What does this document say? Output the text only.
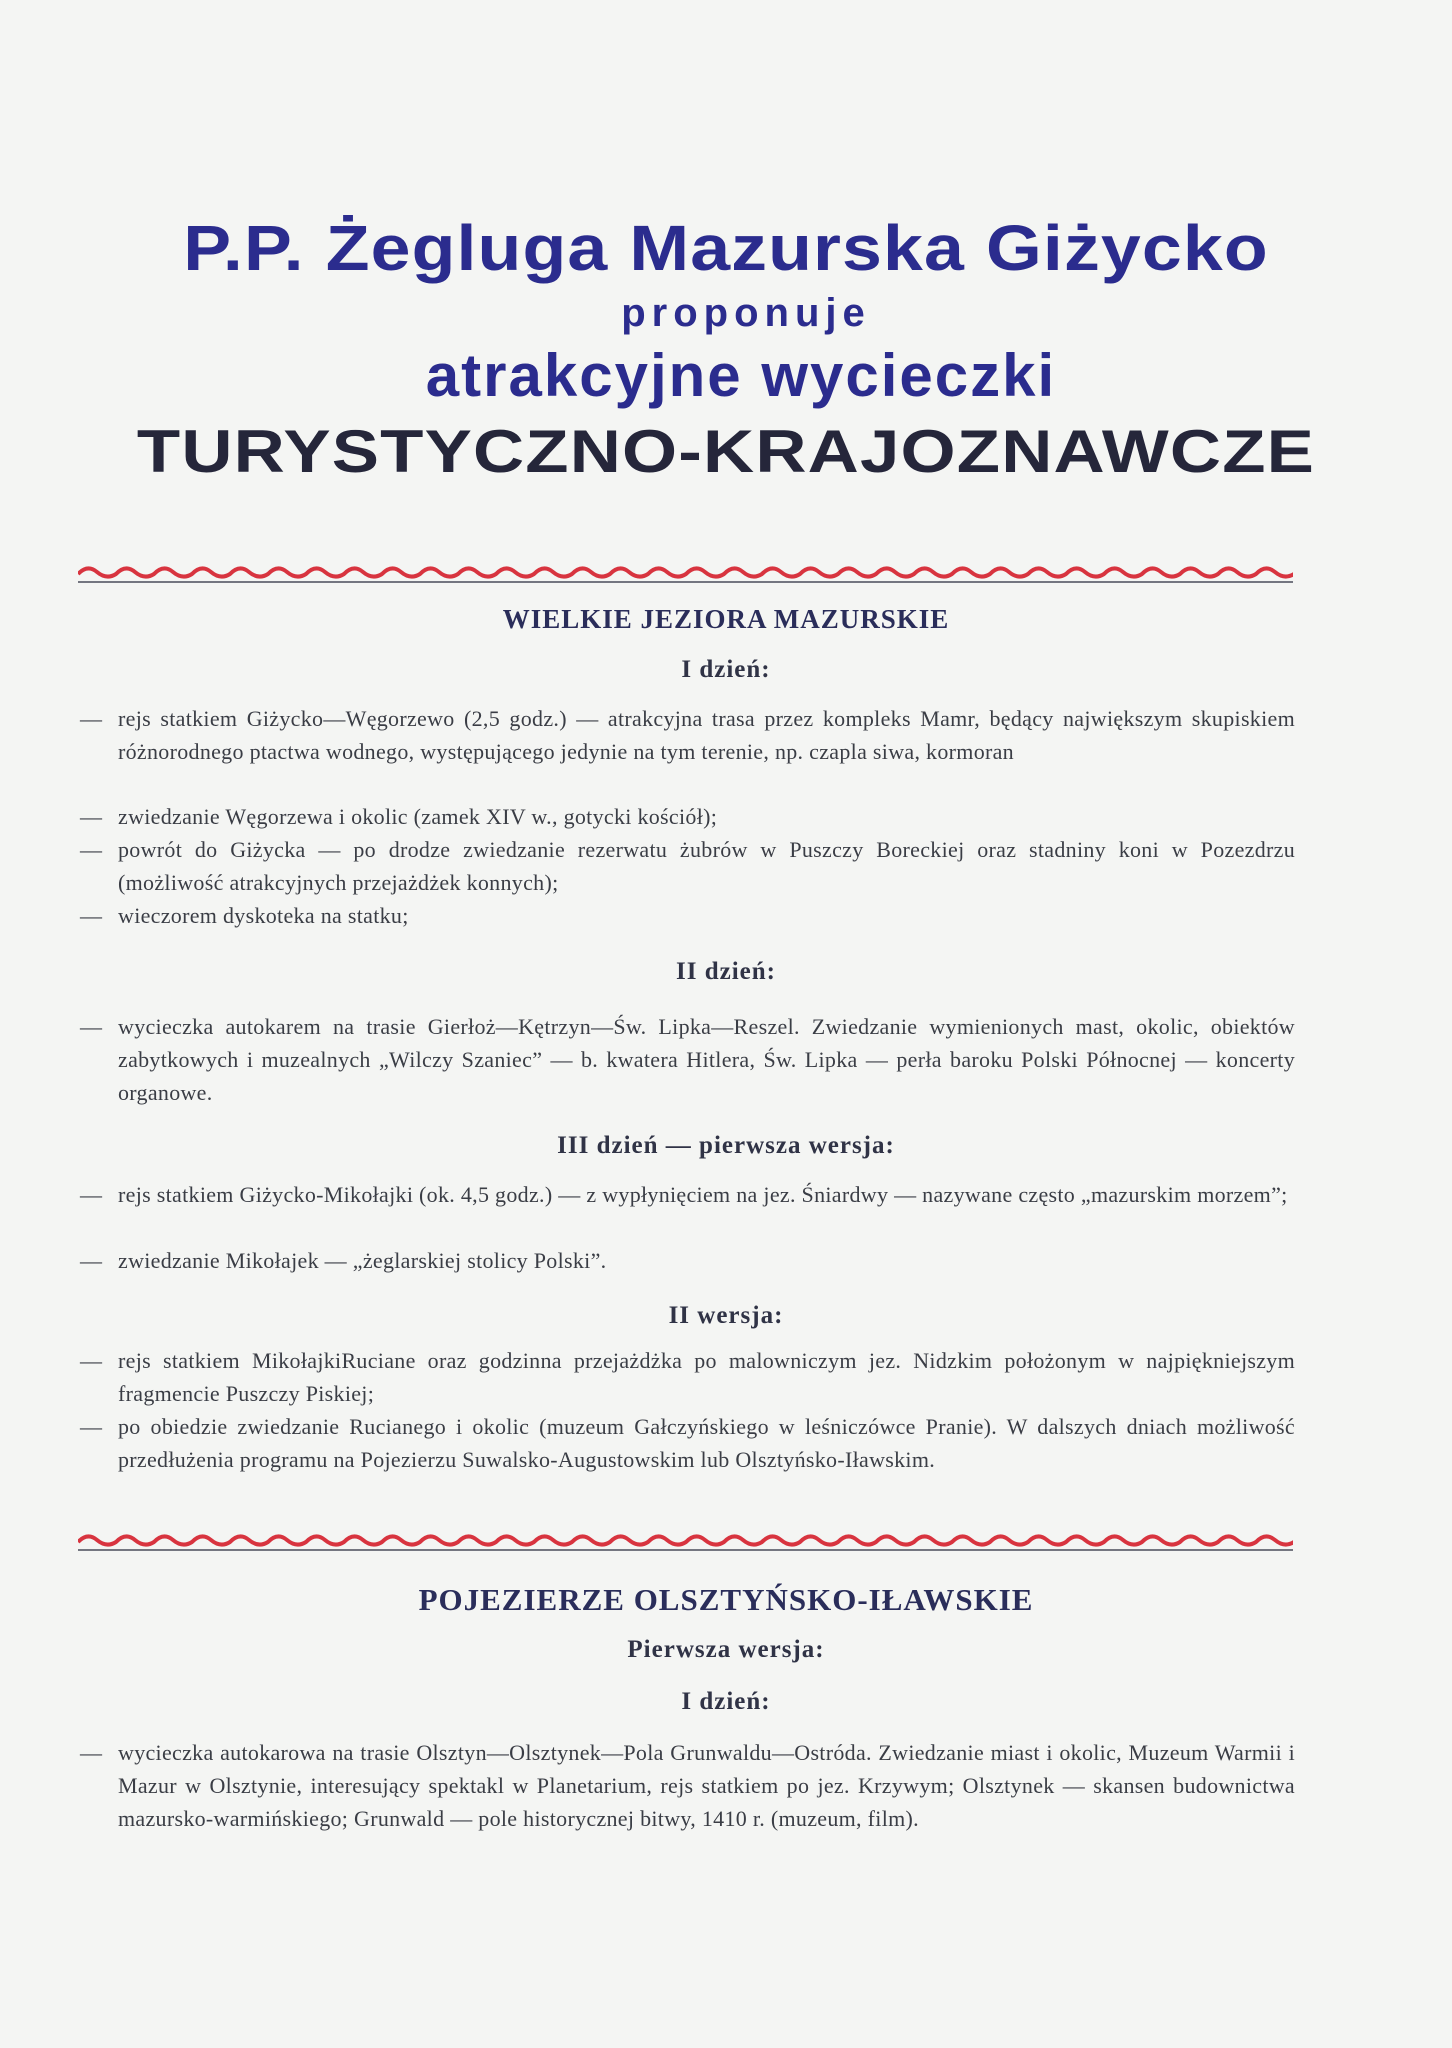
P.P. Żegluga Mazurska Giżycko
proponuje
atrakcyjne wycieczki
TURYSTYCZNO-KRAJOZNAWCZE
WIELKIE JEZIORA MAZURSKIE
I dzień:
— rejs statkiem Giżycko—Węgorzewo (2,5 godz.) — atrakcyjna trasa przez kompleks Mamr, będący największym skupiskiem różnorodnego ptactwa wodnego, występującego jedynie na tym terenie, np. czapla siwa, kormoran
— zwiedzanie Węgorzewa i okolic (zamek XIV w., gotycki kościół);
— powrót do Giżycka — po drodze zwiedzanie rezerwatu żubrów w Puszczy Boreckiej oraz stadniny koni w Pozezdrzu (możliwość atrakcyjnych przejażdżek konnych);
— wieczorem dyskoteka na statku;
II dzień:
— wycieczka autokarem na trasie Gierłoż—Kętrzyn—Św. Lipka—Reszel. Zwiedzanie wymienionych mast, okolic, obiektów zabytkowych i muzealnych „Wilczy Szaniec” — b. kwatera Hitlera, Św. Lipka — perła baroku Polski Północnej — koncerty organowe.
III dzień — pierwsza wersja:
— rejs statkiem Giżycko-Mikołajki (ok. 4,5 godz.) — z wypłynięciem na jez. Śniardwy — nazywane często „mazurskim morzem”;
— zwiedzanie Mikołajek — „żeglarskiej stolicy Polski”.
II wersja:
— rejs statkiem MikołajkiRuciane oraz godzinna przejażdżka po malowniczym jez. Nidzkim położonym w najpiękniejszym fragmencie Puszczy Piskiej;
— po obiedzie zwiedzanie Rucianego i okolic (muzeum Gałczyńskiego w leśniczówce Pranie). W dalszych dniach możliwość przedłużenia programu na Pojezierzu Suwalsko-Augustowskim lub Olsztyńsko-Iławskim.
POJEZIERZE OLSZTYŃSKO-IŁAWSKIE
Pierwsza wersja:
I dzień:
— wycieczka autokarowa na trasie Olsztyn—Olsztynek—Pola Grunwaldu—Ostróda. Zwiedzanie miast i okolic, Muzeum Warmii i Mazur w Olsztynie, interesujący spektakl w Planetarium, rejs statkiem po jez. Krzywym; Olsztynek — skansen budownictwa mazursko-warmińskiego; Grunwald — pole historycznej bitwy, 1410 r. (muzeum, film).
